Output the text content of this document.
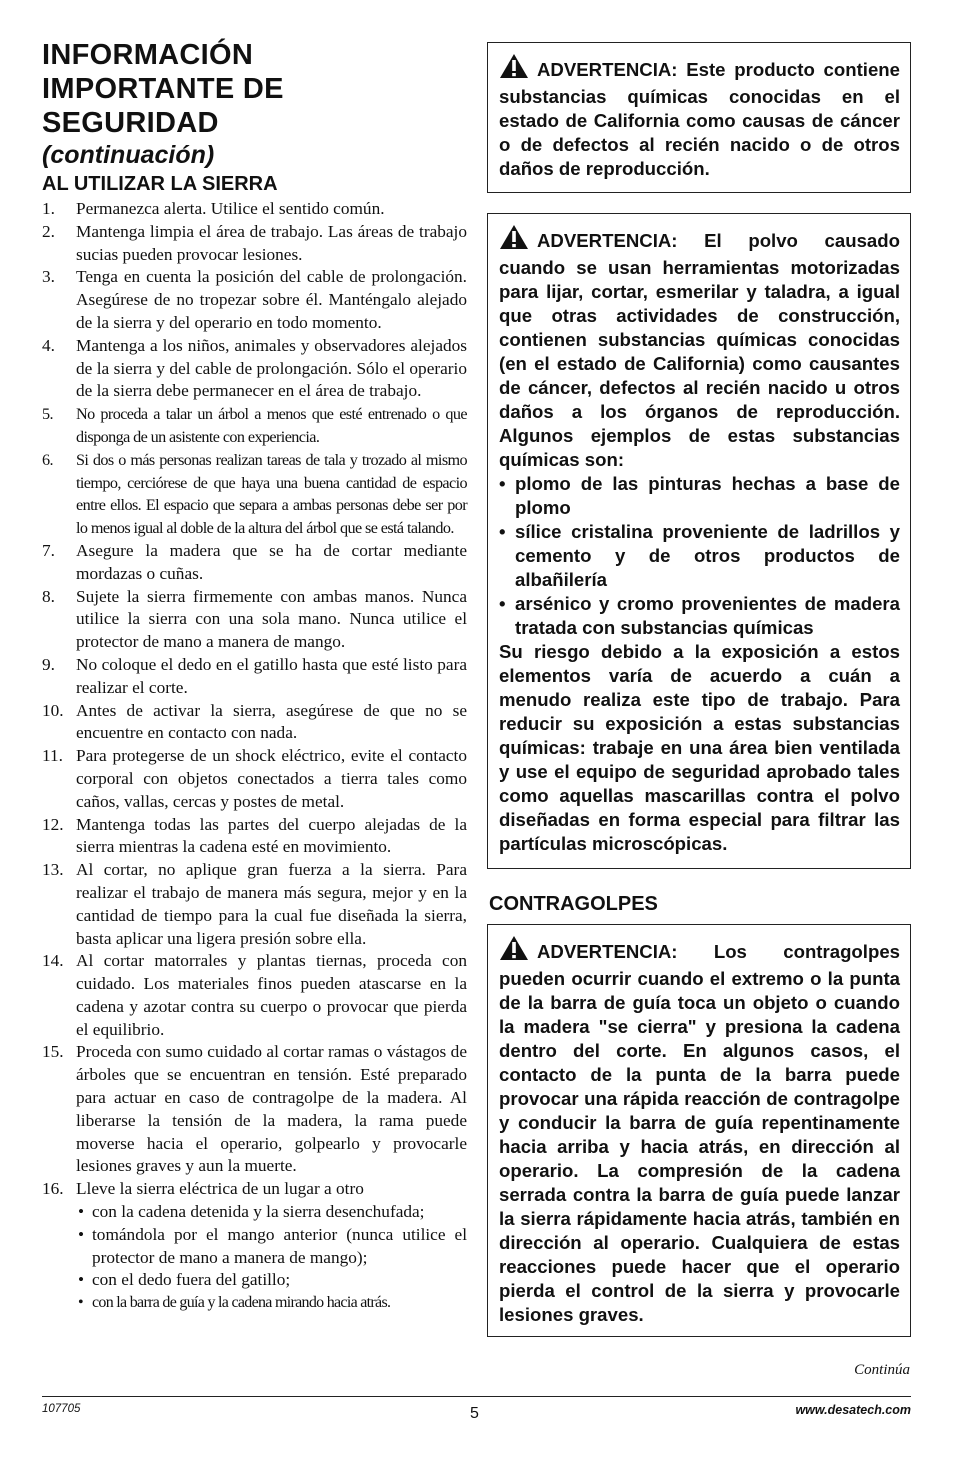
INFORMACIÓN
IMPORTANTE DE
SEGURIDAD
(continuación)
AL UTILIZAR LA SIERRA
1. Permanezca alerta. Utilice el sentido común.
2. Mantenga limpia el área de trabajo. Las áreas de trabajo sucias pueden provocar lesiones.
3. Tenga en cuenta la posición del cable de prolongación. Asegúrese de no tropezar sobre él. Manténgalo alejado de la sierra y del operario en todo momento.
4. Mantenga a los niños, animales y observadores alejados de la sierra y del cable de prolongación. Sólo el operario de la sierra debe permanecer en el área de trabajo.
5. No proceda a talar un árbol a menos que esté entrenado o que disponga de un asistente con experiencia.
6. Si dos o más personas realizan tareas de tala y trozado al mismo tiempo, cerciórese de que haya una buena cantidad de espacio entre ellos. El espacio que separa a ambas personas debe ser por lo menos igual al doble de la altura del árbol que se está talando.
7. Asegure la madera que se ha de cortar mediante mordazas o cuñas.
8. Sujete la sierra firmemente con ambas manos. Nunca utilice la sierra con una sola mano. Nunca utilice el protector de mano a manera de mango.
9. No coloque el dedo en el gatillo hasta que esté listo para realizar el corte.
10. Antes de activar la sierra, asegúrese de que no se encuentre en contacto con nada.
11. Para protegerse de un shock eléctrico, evite el contacto corporal con objetos conectados a tierra tales como caños, vallas, cercas y postes de metal.
12. Mantenga todas las partes del cuerpo alejadas de la sierra mientras la cadena esté en movimiento.
13. Al cortar, no aplique gran fuerza a la sierra. Para realizar el trabajo de manera más segura, mejor y en la cantidad de tiempo para la cual fue diseñada la sierra, basta aplicar una ligera presión sobre ella.
14. Al cortar matorrales y plantas tiernas, proceda con cuidado. Los materiales finos pueden atascarse en la cadena y azotar contra su cuerpo o provocar que pierda el equilibrio.
15. Proceda con sumo cuidado al cortar ramas o vástagos de árboles que se encuentran en tensión. Esté preparado para actuar en caso de contragolpe de la madera. Al liberarse la tensión de la madera, la rama puede moverse hacia el operario, golpearlo y provocarle lesiones graves y aun la muerte.
16. Lleve la sierra eléctrica de un lugar a otro
• con la cadena detenida y la sierra desenchufada;
• tomándola por el mango anterior (nunca utilice el protector de mano a manera de mango);
• con el dedo fuera del gatillo;
• con la barra de guía y la cadena mirando hacia atrás.
ADVERTENCIA: Este producto contiene substancias químicas conocidas en el estado de California como causas de cáncer o de defectos al recién nacido o de otros daños de reproducción.
ADVERTENCIA: El polvo causado cuando se usan herramientas motorizadas para lijar, cortar, esmerilar y taladra, a igual que otras actividades de construcción, contienen substancias químicas conocidas (en el estado de California) como causantes de cáncer, defectos al recién nacido u otros daños a los órganos de reproducción. Algunos ejemplos de estas substancias químicas son:
• plomo de las pinturas hechas a base de plomo
• sílice cristalina proveniente de ladrillos y cemento y de otros productos de albañilería
• arsénico y cromo provenientes de madera tratada con substancias químicas
Su riesgo debido a la exposición a estos elementos varía de acuerdo a cuán a menudo realiza este tipo de trabajo. Para reducir su exposición a estas substancias químicas: trabaje en una área bien ventilada y use el equipo de seguridad aprobado tales como aquellas mascarillas contra el polvo diseñadas en forma especial para filtrar las partículas microscópicas.
CONTRAGOLPES
ADVERTENCIA: Los contragolpes pueden ocurrir cuando el extremo o la punta de la barra de guía toca un objeto o cuando la madera "se cierra" y presiona la cadena dentro del corte. En algunos casos, el contacto de la punta de la barra puede provocar una rápida reacción de contragolpe y conducir la barra de guía repentinamente hacia arriba y hacia atrás, en dirección al operario. La compresión de la cadena serrada contra la barra de guía puede lanzar la sierra rápidamente hacia atrás, también en dirección al operario. Cualquiera de estas reacciones puede hacer que el operario pierda el control de la sierra y provocarle lesiones graves.
Continúa
107705	5	www.desatech.com
